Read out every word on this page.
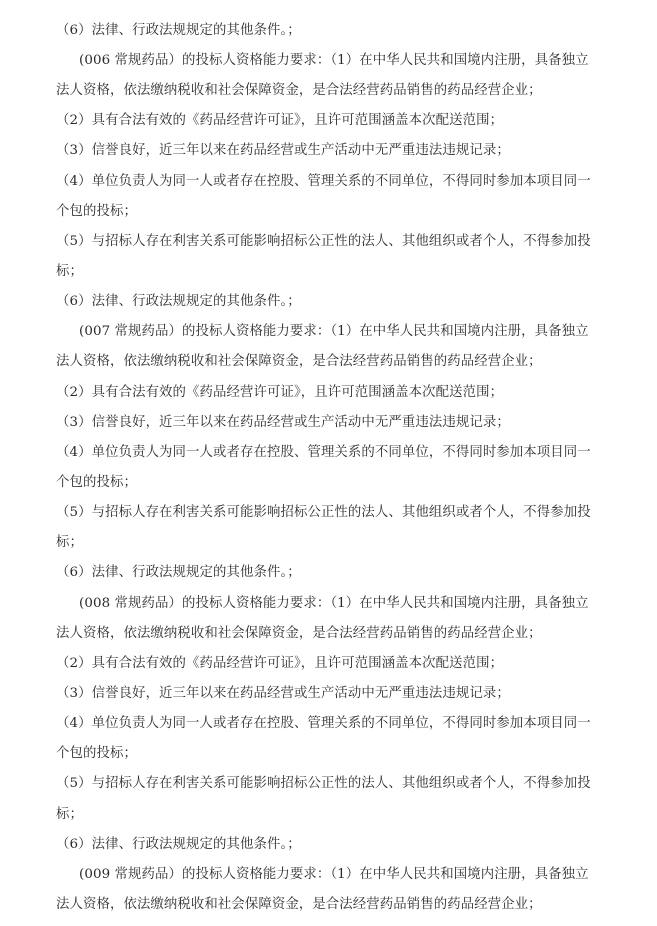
（6）法律、行政法规规定的其他条件。；
(006 常规药品）的投标人资格能力要求：（1）在中华人民共和国境内注册，具备独立
法人资格，依法缴纳税收和社会保障资金，是合法经营药品销售的药品经营企业；
（2）具有合法有效的《药品经营许可证》，且许可范围涵盖本次配送范围；
（3）信誉良好，近三年以来在药品经营或生产活动中无严重违法违规记录；
（4）单位负责人为同一人或者存在控股、管理关系的不同单位，不得同时参加本项目同一
个包的投标；
（5）与招标人存在利害关系可能影响招标公正性的法人、其他组织或者个人，不得参加投
标；
（6）法律、行政法规规定的其他条件。；
(007 常规药品）的投标人资格能力要求：（1）在中华人民共和国境内注册，具备独立
法人资格，依法缴纳税收和社会保障资金，是合法经营药品销售的药品经营企业；
（2）具有合法有效的《药品经营许可证》，且许可范围涵盖本次配送范围；
（3）信誉良好，近三年以来在药品经营或生产活动中无严重违法违规记录；
（4）单位负责人为同一人或者存在控股、管理关系的不同单位，不得同时参加本项目同一
个包的投标；
（5）与招标人存在利害关系可能影响招标公正性的法人、其他组织或者个人，不得参加投
标；
（6）法律、行政法规规定的其他条件。；
(008 常规药品）的投标人资格能力要求：（1）在中华人民共和国境内注册，具备独立
法人资格，依法缴纳税收和社会保障资金，是合法经营药品销售的药品经营企业；
（2）具有合法有效的《药品经营许可证》，且许可范围涵盖本次配送范围；
（3）信誉良好，近三年以来在药品经营或生产活动中无严重违法违规记录；
（4）单位负责人为同一人或者存在控股、管理关系的不同单位，不得同时参加本项目同一
个包的投标；
（5）与招标人存在利害关系可能影响招标公正性的法人、其他组织或者个人，不得参加投
标；
（6）法律、行政法规规定的其他条件。；
(009 常规药品）的投标人资格能力要求：（1）在中华人民共和国境内注册，具备独立
法人资格，依法缴纳税收和社会保障资金，是合法经营药品销售的药品经营企业；
